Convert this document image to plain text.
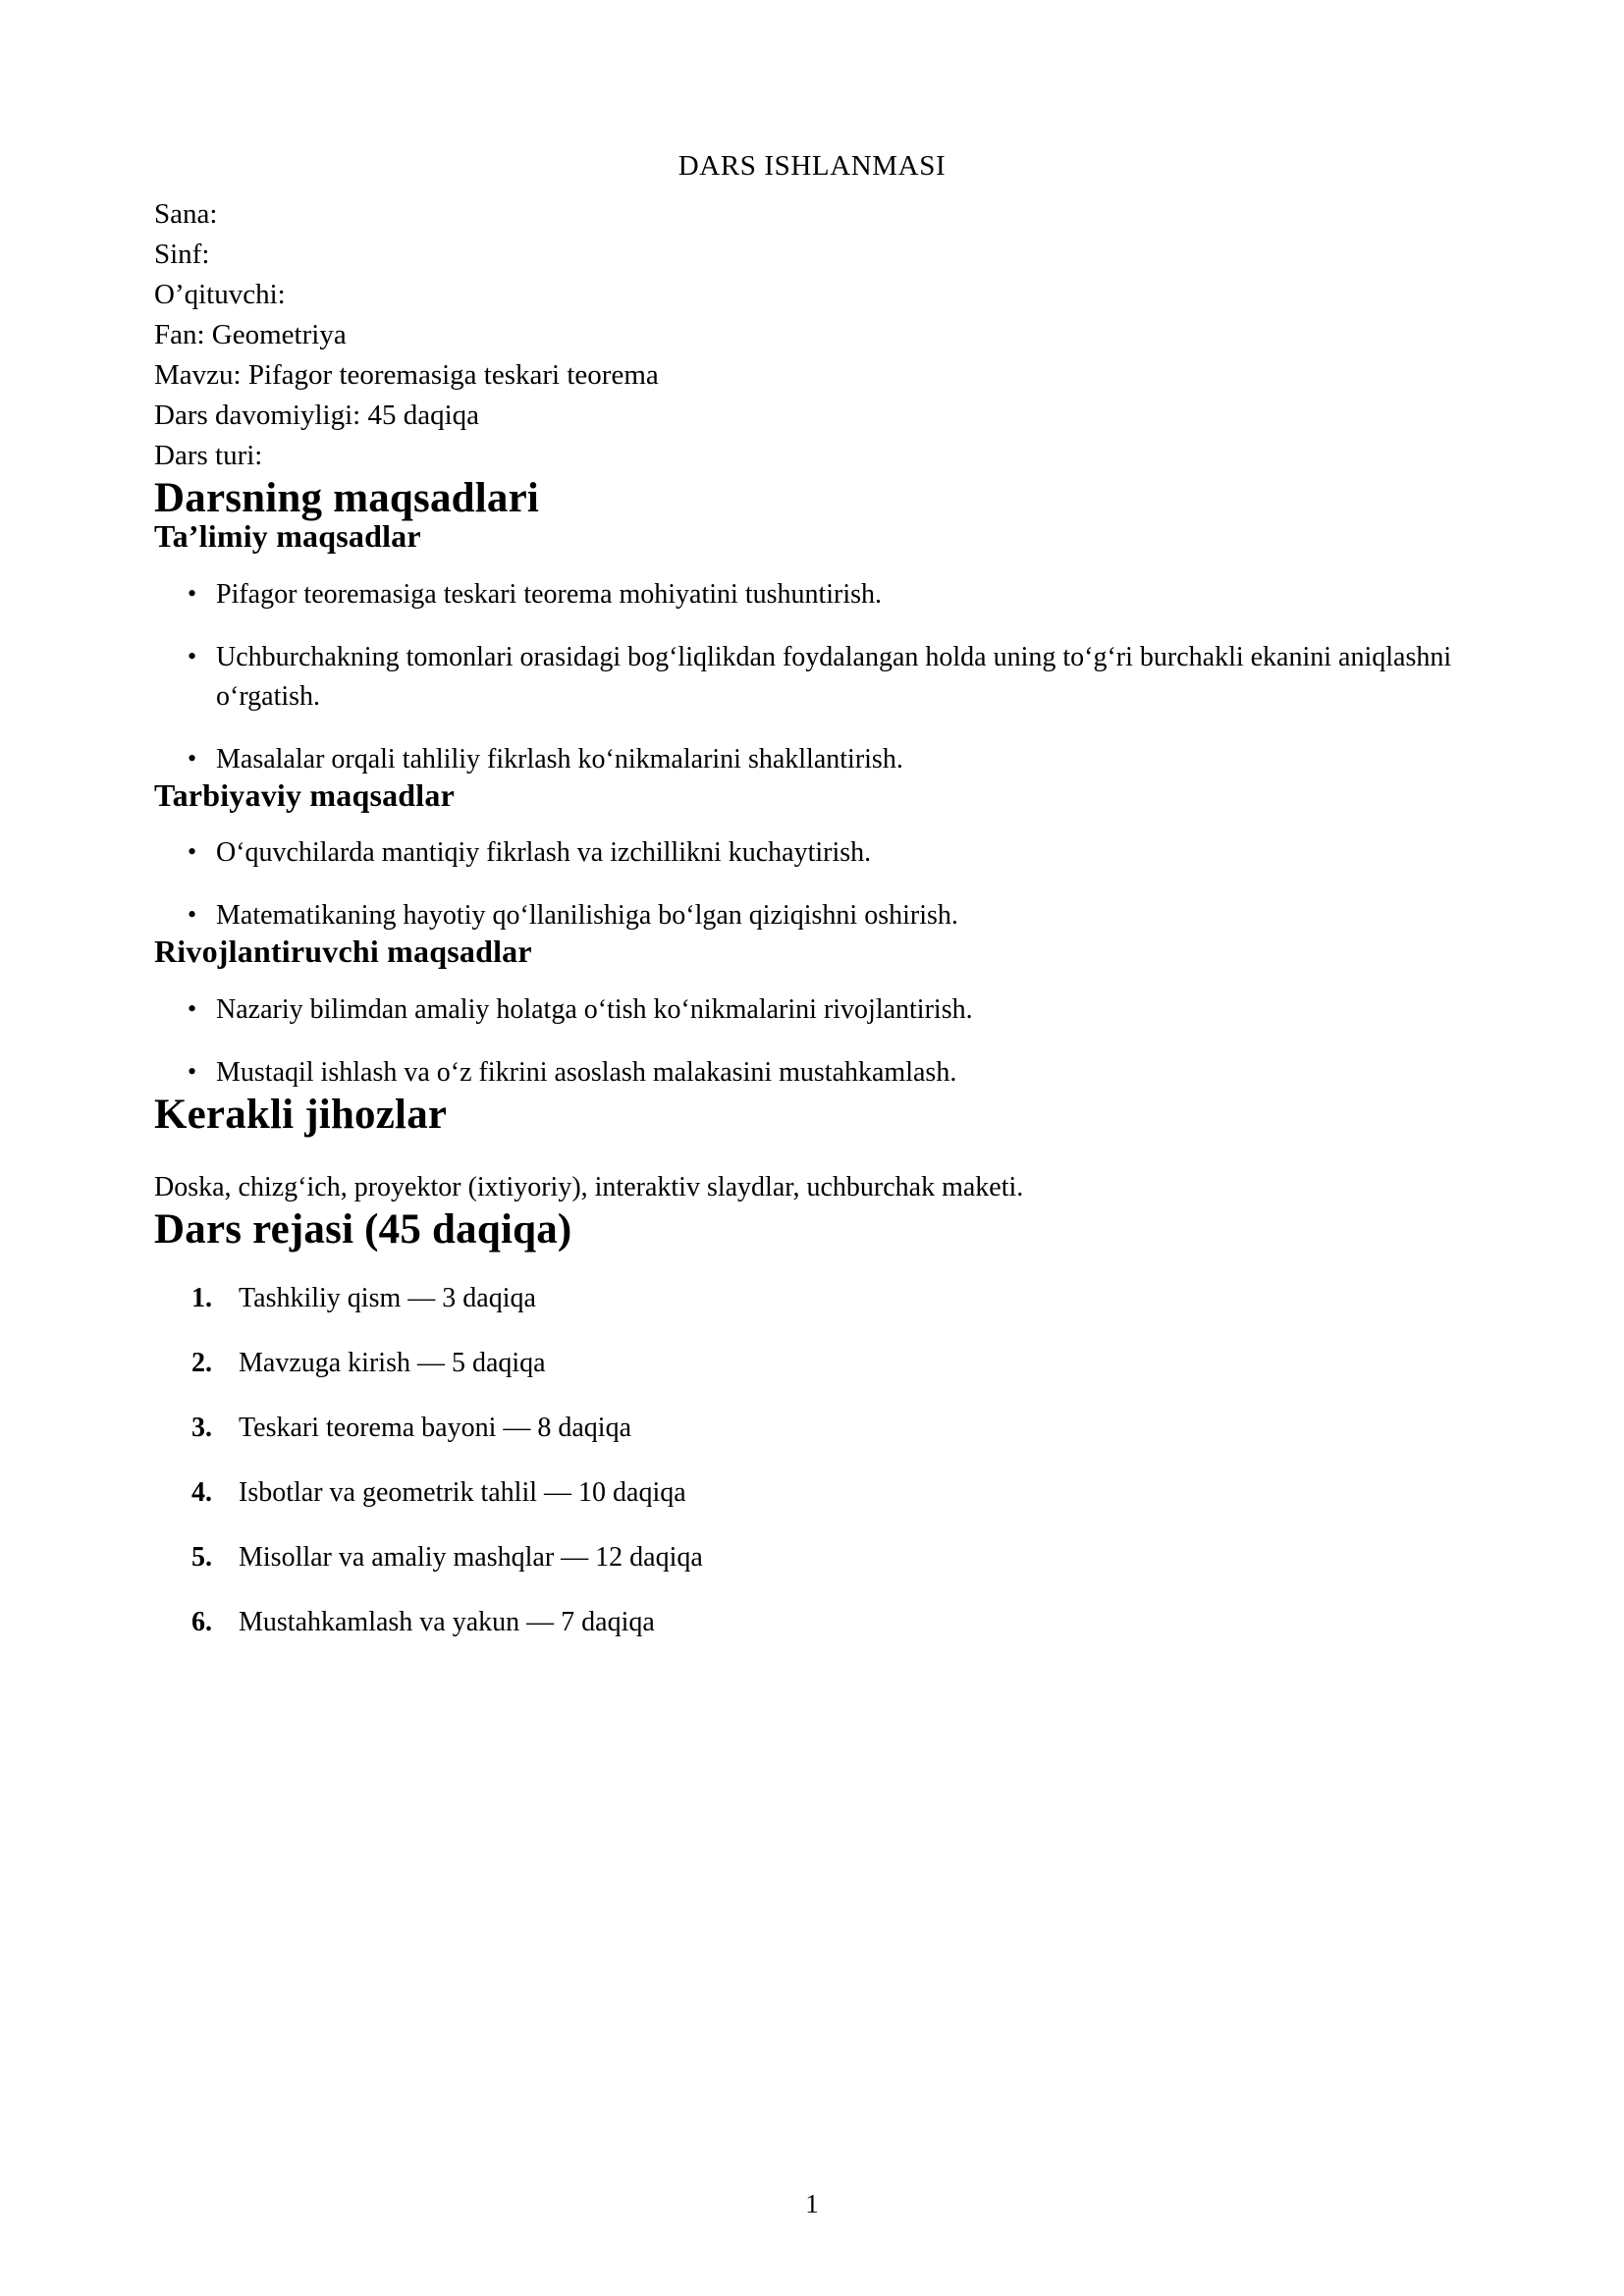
DARS ISHLANMASI
Sana:
Sinf:
O’qituvchi:
Fan: Geometriya
Mavzu: Pifagor teoremasiga teskari teorema
Dars davomiyligi: 45 daqiqa
Dars turi:
Darsning maqsadlari
Ta’limiy maqsadlar
• Pifagor teoremasiga teskari teorema mohiyatini tushuntirish.
• Uchburchakning tomonlari orasidagi bogʻliqlikdan foydalangan holda uning toʻgʻri burchakli ekanini aniqlashni oʻrgatish.
• Masalalar orqali tahliliy fikrlash koʻnikmalarini shakllantirish.
Tarbiyaviy maqsadlar
• Oʻquvchilarda mantiqiy fikrlash va izchillikni kuchaytirish.
• Matematikaning hayotiy qoʻllanilishiga boʻlgan qiziqishni oshirish.
Rivojlantiruvchi maqsadlar
• Nazariy bilimdan amaliy holatga oʻtish koʻnikmalarini rivojlantirish.
• Mustaqil ishlash va oʻz fikrini asoslash malakasini mustahkamlash.
Kerakli jihozlar

Doska, chizgʻich, proyektor (ixtiyoriy), interaktiv slaydlar, uchburchak maketi.

Dars rejasi (45 daqiqa)
1. Tashkiliy qism — 3 daqiqa
2. Mavzuga kirish — 5 daqiqa
3. Teskari teorema bayoni — 8 daqiqa
4. Isbotlar va geometrik tahlil — 10 daqiqa
5. Misollar va amaliy mashqlar — 12 daqiqa
6. Mustahkamlash va yakun — 7 daqiqa
1
